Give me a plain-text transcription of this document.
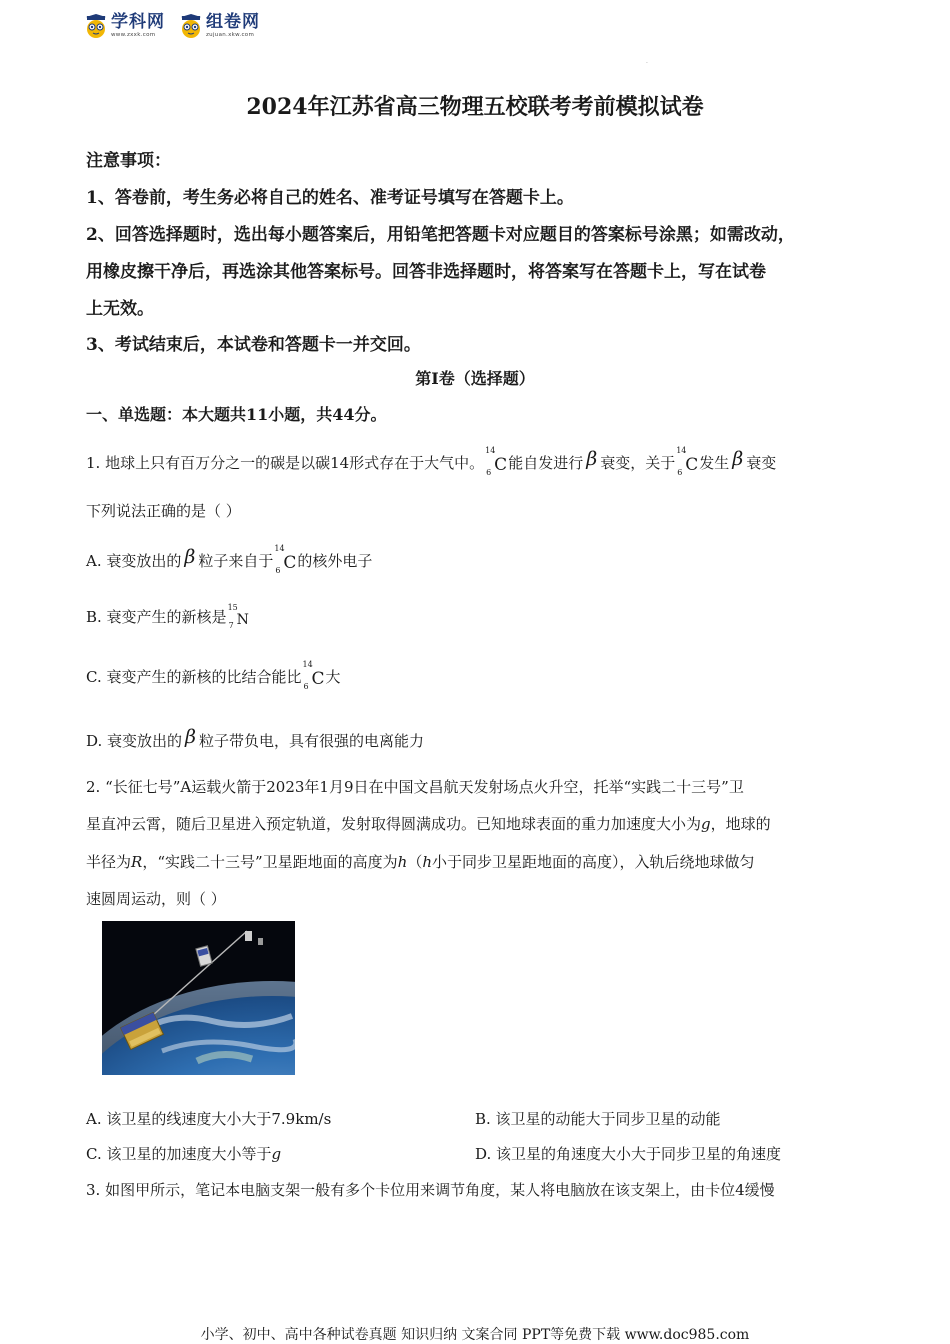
学科网
www.zxxk.com
组卷网
zujuan.xkw.com
·
2024年江苏省高三物理五校联考考前模拟试卷
注意事项：
1、答卷前，考生务必将自己的姓名、准考证号填写在答题卡上。
2、回答选择题时，选出每小题答案后，用铅笔把答题卡对应题目的答案标号涂黑；如需改动，
用橡皮擦干净后，再选涂其他答案标号。回答非选择题时，将答案写在答题卡上，写在试卷
上无效。
3、考试结束后，本试卷和答题卡一并交回。
第I卷（选择题）
一、单选题：本大题共11小题，共44分。
1. 地球上只有百万分之一的碳是以碳14形式存在于大气中。
14
6 C能自发进行 β 衰变，关于
14
6 C发生 β 衰变
下列说法正确的是（ ）
A. 衰变放出的 β 粒子来自于
14
6 C的核外电子
B. 衰变产生的新核是
15
7 N
C. 衰变产生的新核的比结合能比
14
6 C大
D. 衰变放出的 β 粒子带负电，具有很强的电离能力
2. “长征七号”A运载火箭于2023年1月9日在中国文昌航天发射场点火升空，托举“实践二十三号”卫
星直冲云霄，随后卫星进入预定轨道，发射取得圆满成功。已知地球表面的重力加速度大小为g，地球的
半径为R，“实践二十三号”卫星距地面的高度为h（h小于同步卫星距地面的高度），入轨后绕地球做匀
速圆周运动，则（ ）
A. 该卫星的线速度大小大于7.9km/s	B. 该卫星的动能大于同步卫星的动能
C. 该卫星的加速度大小等于g	D. 该卫星的角速度大小大于同步卫星的角速度
3. 如图甲所示，笔记本电脑支架一般有多个卡位用来调节角度，某人将电脑放在该支架上，由卡位4缓慢
小学、初中、高中各种试卷真题 知识归纳 文案合同 PPT等免费下载 www.doc985.com
